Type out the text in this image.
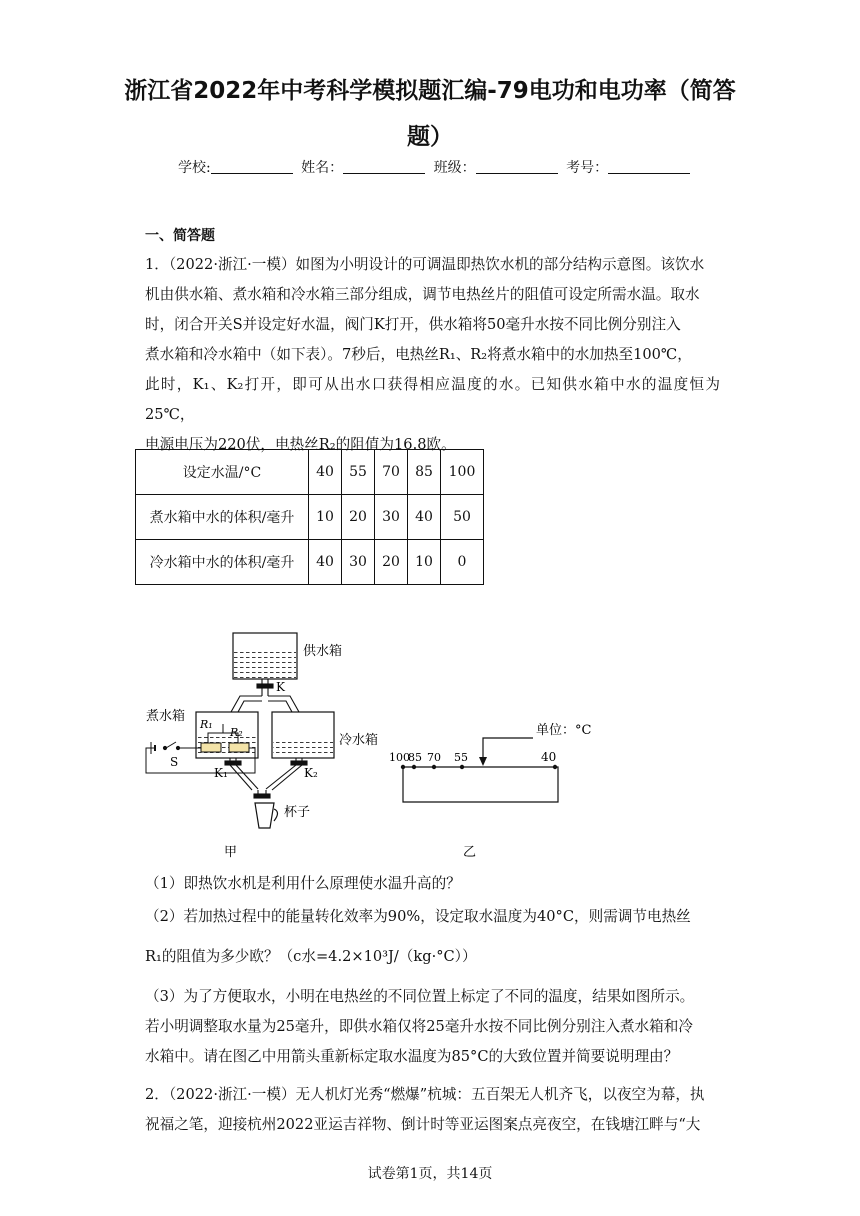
浙江省2022年中考科学模拟题汇编-79电功和电功率（简答
题）
学校:	姓名：	班级：	考号：
一、简答题
1．（2022·浙江·一模）如图为小明设计的可调温即热饮水机的部分结构示意图。该饮水
机由供水箱、煮水箱和冷水箱三部分组成，调节电热丝片的阻值可设定所需水温。取水
时，闭合开关S并设定好水温，阀门K打开，供水箱将50毫升水按不同比例分别注入
煮水箱和冷水箱中（如下表）。7秒后，电热丝R₁、R₂将煮水箱中的水加热至100℃，
此时，K₁、K₂打开，即可从出水口获得相应温度的水。已知供水箱中水的温度恒为25℃，
电源电压为220伏，电热丝R₂的阻值为16.8欧。
设定水温/°C	40	55	70	85	100
煮水箱中水的体积/毫升	10	20	30	40	50
冷水箱中水的体积/毫升	40	30	20	10	0
供水箱
K
煮水箱
R₁
R₂
S
冷水箱
K₁	K₂
杯子
甲
单位：°C
100
85 70 55	40
乙
（1）即热饮水机是利用什么原理使水温升高的？
（2）若加热过程中的能量转化效率为90%，设定取水温度为40°C，则需调节电热丝
R₁的阻值为多少欧？（c水=4.2×10³J/（kg·°C））
（3）为了方便取水，小明在电热丝的不同位置上标定了不同的温度，结果如图所示。
若小明调整取水量为25毫升，即供水箱仅将25毫升水按不同比例分别注入煮水箱和冷
水箱中。请在图乙中用箭头重新标定取水温度为85°C的大致位置并简要说明理由？
2．（2022·浙江·一模）无人机灯光秀“燃爆”杭城：五百架无人机齐飞，以夜空为幕，执
祝福之笔，迎接杭州2022亚运吉祥物、倒计时等亚运图案点亮夜空，在钱塘江畔与“大
试卷第1页，共14页
